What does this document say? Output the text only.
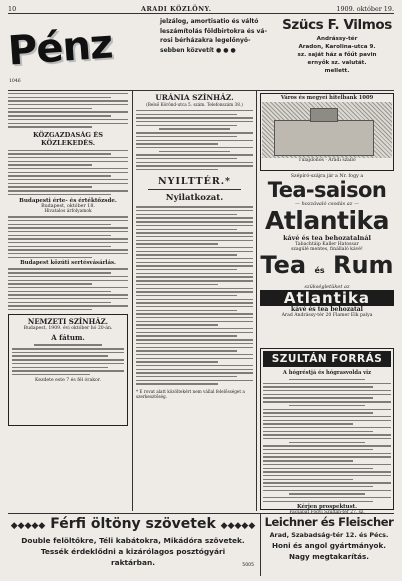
10	ARADI KÖZLÖNY.	1909. október 19.
Pénz
1046
jelzálog, amortisatio és váltó
leszámítolás földbirtokra és vá-
rosi bérházakra legelőnyö-
sebben közvetít ●●●
Szücs F. Vilmos
Andrássy-tér
Aradon, Karolina-utca 9.
sz. saját ház a főűt pavin
ernyők sz. valutát.
mellett.
KÖZGAZDASÁG ÉS KÖZLEKEDÉS.
Budapesti érte- és értéktőzsde.
Budapest, október 18.
Hivatalos árfolyamok
Budapest közúti sertésvásárlás.
NEMZETI SZÍNHÁZ.
Budapest, 1909. évi október hó 20-án.
A fátum.
Kezdete este 7 és fél órakor.
URÁNIA SZÍNHÁZ.
(Belső Körönd-utca 5. szám. Telefonszám 38.)
NYILTTÉR.*
Nyilatkozat.
* E rovat alatt közöltekért nem vállal felelősséget a szerkesztőség.
Város és megyei hitelbank 1009
Tulajdonos · Aradi szálló
Szépíró-szájra jár a Nr. fogy a
Tea-saison
— hozzávaló csodás az —
Atlantika
kávé és tea behozatalnál
Tabachtáip Kaller Hatossar
szagúlé mentes, finállaló kávé!
Tea és Rum
szükségletüket az
Atlantika
kávé és tea behozatal
Arad Andrássy-tér 20 Flamer Elk palya
SZULTÁN FORRÁS
A hógréstjá és hógrasvolda viz
Kérjen prospektust.
◆◆◆◆◆ Férfi öltöny szövetek ◆◆◆◆◆
Double felöltőkre, Téli kabátokra, Mikádóra szövetek.
Tessék érdeklődni a kizárólagos posztógyári
raktárban.	5005
Leichner és Fleischer
Arad, Szabadság-tér 12. és Pécs.
Honi és angol gyártmányok.
Nagy megtakarítás.
